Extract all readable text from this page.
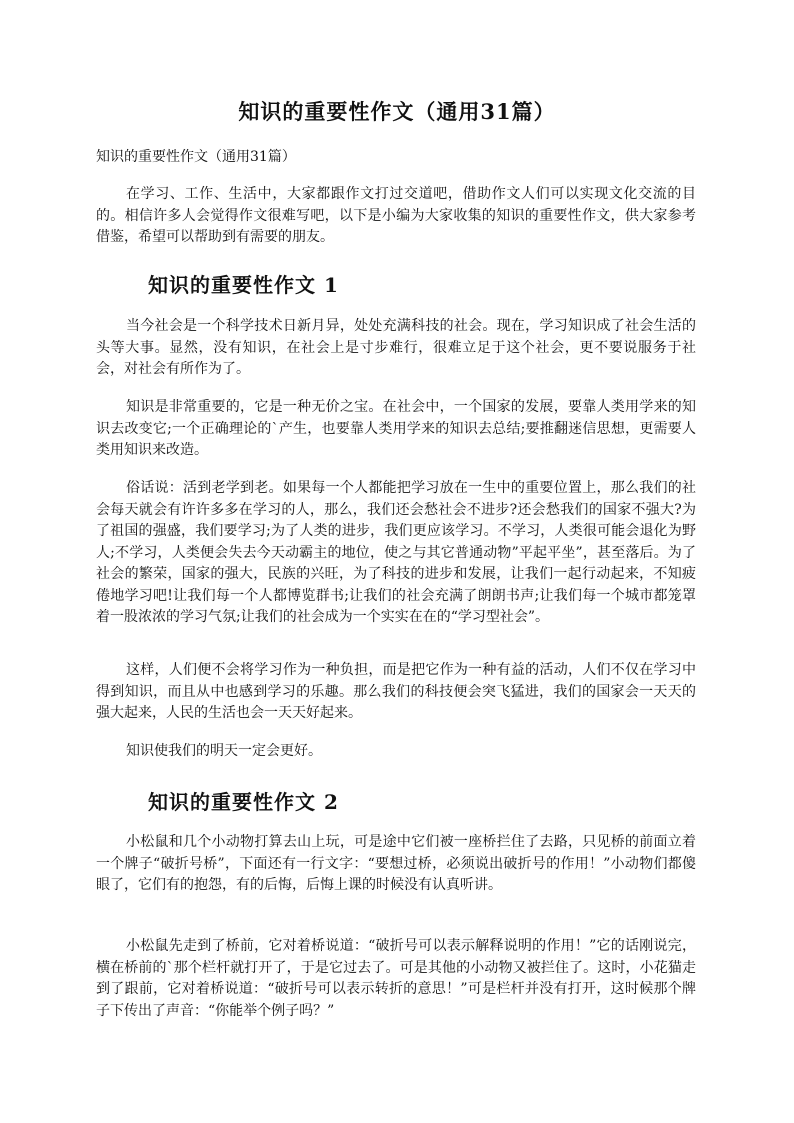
知识的重要性作文（通用31篇）

知识的重要性作文（通用31篇）

在学习、工作、生活中，大家都跟作文打过交道吧，借助作文人们可以实现文化交流的目的。相信许多人会觉得作文很难写吧，以下是小编为大家收集的知识的重要性作文，供大家参考借鉴，希望可以帮助到有需要的朋友。

知识的重要性作文 1

当今社会是一个科学技术日新月异，处处充满科技的社会。现在，学习知识成了社会生活的头等大事。显然，没有知识，在社会上是寸步难行，很难立足于这个社会，更不要说服务于社会，对社会有所作为了。

知识是非常重要的，它是一种无价之宝。在社会中，一个国家的发展，要靠人类用学来的知识去改变它;一个正确理论的`产生，也要靠人类用学来的知识去总结;要推翻迷信思想，更需要人类用知识来改造。

俗话说：活到老学到老。如果每一个人都能把学习放在一生中的重要位置上，那么我们的社会每天就会有许许多多在学习的人，那么，我们还会愁社会不进步?还会愁我们的国家不强大?为了祖国的强盛，我们要学习;为了人类的进步，我们更应该学习。不学习，人类很可能会退化为野人;不学习，人类便会失去今天动霸主的地位，使之与其它普通动物”平起平坐”，甚至落后。为了社会的繁荣，国家的强大，民族的兴旺，为了科技的进步和发展，让我们一起行动起来，不知疲倦地学习吧!让我们每一个人都博览群书;让我们的社会充满了朗朗书声;让我们每一个城市都笼罩着一股浓浓的学习气氛;让我们的社会成为一个实实在在的“学习型社会”。

这样，人们便不会将学习作为一种负担，而是把它作为一种有益的活动，人们不仅在学习中得到知识，而且从中也感到学习的乐趣。那么我们的科技便会突飞猛进，我们的国家会一天天的强大起来，人民的生活也会一天天好起来。

知识使我们的明天一定会更好。

知识的重要性作文 2

小松鼠和几个小动物打算去山上玩，可是途中它们被一座桥拦住了去路，只见桥的前面立着一个牌子“破折号桥”，下面还有一行文字：“要想过桥，必须说出破折号的作用！”小动物们都傻眼了，它们有的抱怨，有的后悔，后悔上课的时候没有认真听讲。

小松鼠先走到了桥前，它对着桥说道：“破折号可以表示解释说明的作用！”它的话刚说完，横在桥前的`那个栏杆就打开了，于是它过去了。可是其他的小动物又被拦住了。这时，小花猫走到了跟前，它对着桥说道：“破折号可以表示转折的意思！”可是栏杆并没有打开，这时候那个牌子下传出了声音：“你能举个例子吗？”
